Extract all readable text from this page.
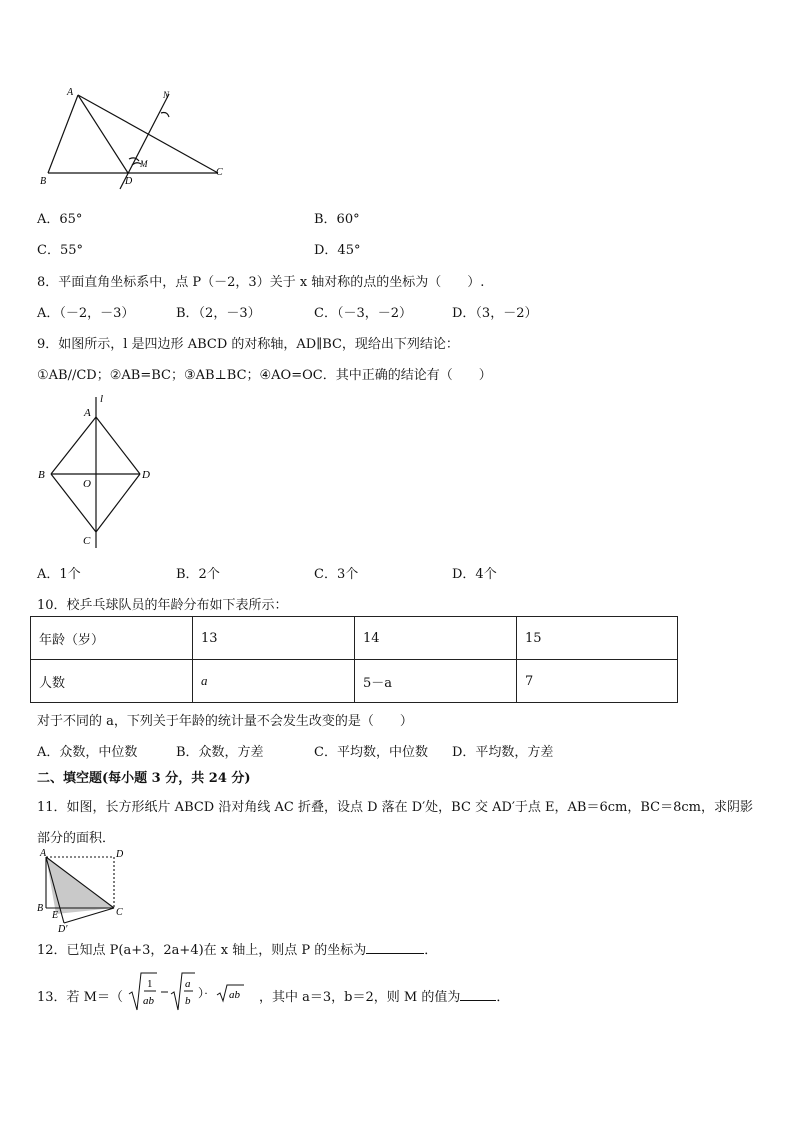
A
B
C
D
M
N
A．65°	B．60°
C．55°	D．45°
8．平面直角坐标系中，点 P（－2，3）关于 x 轴对称的点的坐标为（　　）.
A．（－2，－3）	B．（2，－3）	C．（－3，－2）	D．（3，－2）
9．如图所示，l 是四边形 ABCD 的对称轴，AD∥BC，现给出下列结论：
①AB//CD；②AB=BC；③AB⊥BC；④AO=OC．其中正确的结论有（　　）
l
A
B	D
O
C
A．1个	B．2个	C．3个	D．4个
10．校乒乓球队员的年龄分布如下表所示：
年龄（岁）	13	14	15
人数	a	5－a	7
对于不同的 a，下列关于年龄的统计量不会发生改变的是（　　）
A．众数，中位数	B．众数，方差	C．平均数，中位数 D．平均数，方差
二、填空题(每小题 3 分，共 24 分)
11．如图，长方形纸片 ABCD 沿对角线 AC 折叠，设点 D 落在 D′处，BC 交 AD′于点 E，AB＝6cm，BC＝8cm，求阴影
部分的面积．
A	D
B
E	C
D′
12．已知点 P(a+3，2a+4)在 x 轴上，则点 P 的坐标为	．
13．若 M＝（
1
ab
a
b
）· ab ，其中 a＝3，b＝2，则 M 的值为	．
